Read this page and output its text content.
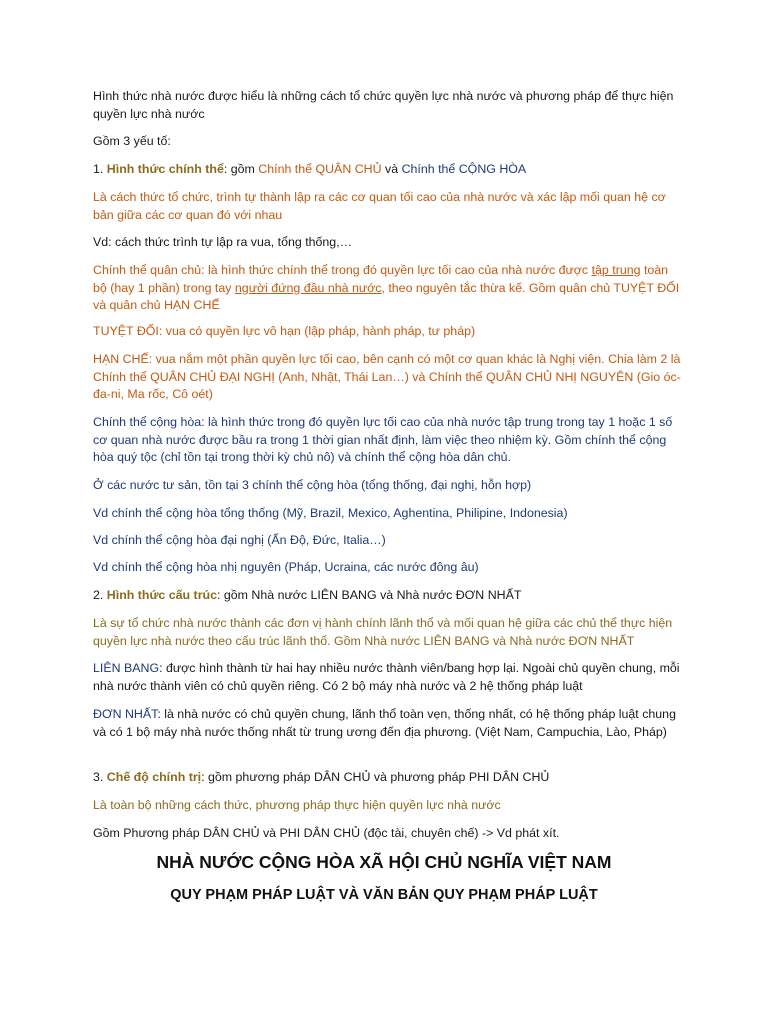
Hình thức nhà nước được hiểu là những cách tổ chức quyền lực nhà nước và phương pháp để thực hiện quyền lực nhà nước

Gồm 3 yếu tố:

1. Hình thức chính thể: gồm Chính thể QUÂN CHỦ và Chính thể CỘNG HÒA

Là cách thức tổ chức, trình tự thành lập ra các cơ quan tối cao của nhà nước và xác lập mối quan hệ cơ bản giữa các cơ quan đó với nhau

Vd: cách thức trình tự lập ra vua, tổng thống,…

Chính thể quân chủ: là hình thức chính thể trong đó quyền lực tối cao của nhà nước được tập trung toàn bộ (hay 1 phần) trong tay người đứng đầu nhà nước, theo nguyên tắc thừa kế. Gồm quân chủ TUYỆT ĐỐI và quân chủ HẠN CHẾ

TUYỆT ĐỐI: vua có quyền lực vô hạn (lập pháp, hành pháp, tư pháp)

HẠN CHẾ: vua nắm một phần quyền lực tối cao, bên cạnh có một cơ quan khác là Nghị viện. Chia làm 2 là Chính thể QUÂN CHỦ ĐẠI NGHỊ (Anh, Nhật, Thái Lan…) và Chính thể QUÂN CHỦ NHỊ NGUYÊN (Gio óc-đa-ni, Ma rốc, Cô oét)

Chính thể cộng hòa: là hình thức trong đó quyền lực tối cao của nhà nước tập trung trong tay 1 hoặc 1 số cơ quan nhà nước được bầu ra trong 1 thời gian nhất định, làm việc theo nhiệm kỳ. Gồm chính thể cộng hòa quý tộc (chỉ tồn tại trong thời kỳ chủ nô) và chính thể cộng hòa dân chủ.

Ở các nước tư sản, tồn tại 3 chính thể cộng hòa (tổng thống, đại nghị, hỗn hợp)

Vd chính thể cộng hòa tổng thống (Mỹ, Brazil, Mexico, Aghentina, Philipine, Indonesia)

Vd chính thể cộng hòa đại nghị (Ấn Độ, Đức, Italia…)

Vd chính thể cộng hòa nhị nguyên (Pháp, Ucraina, các nước đông âu)

2. Hình thức cấu trúc: gồm Nhà nước LIÊN BANG và Nhà nước ĐƠN NHẤT

Là sự tổ chức nhà nước thành các đơn vị hành chính lãnh thổ và mối quan hệ giữa các chủ thể thực hiện quyền lực nhà nước theo cấu trúc lãnh thổ. Gồm Nhà nước LIÊN BANG và Nhà nước ĐƠN NHẤT

LIÊN BANG: được hình thành từ hai hay nhiều nước thành viên/bang hợp lại. Ngoài chủ quyền chung, mỗi nhà nước thành viên có chủ quyền riêng. Có 2 bộ máy nhà nước và 2 hệ thống pháp luật

ĐƠN NHẤT: là nhà nước có chủ quyền chung, lãnh thổ toàn vẹn, thống nhất, có hệ thống pháp luật chung và có 1 bộ máy nhà nước thống nhất từ trung ương đến địa phương. (Việt Nam, Campuchia, Lào, Pháp)

3. Chế độ chính trị: gồm phương pháp DÂN CHỦ và phương pháp PHI DÂN CHỦ

Là toàn bộ những cách thức, phương pháp thực hiện quyền lực nhà nước

Gồm Phương pháp DÂN CHỦ và PHI DÂN CHỦ (độc tài, chuyên chế) -> Vd phát xít.

NHÀ NƯỚC CỘNG HÒA XÃ HỘI CHỦ NGHĨA VIỆT NAM
QUY PHẠM PHÁP LUẬT VÀ VĂN BẢN QUY PHẠM PHÁP LUẬT
